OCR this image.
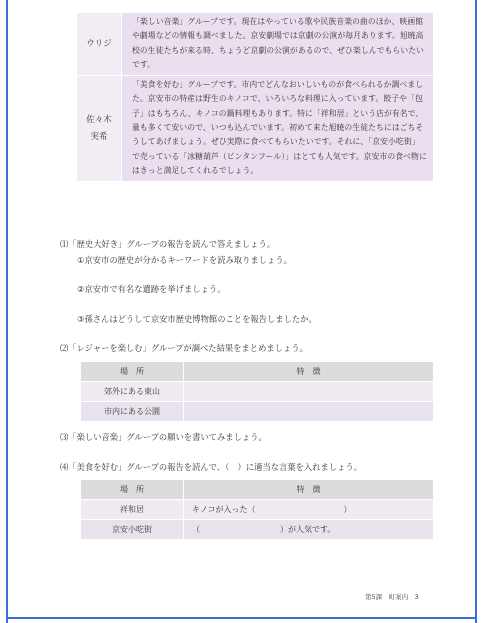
ウリジ	「楽しい音楽」グループです。現在はやっている歌や民族音楽の曲のほか、映画館や劇場などの情報も調べました。京安劇場では京劇の公演が毎月あります。旭暁高校の生徒たちが来る時、ちょうど京劇の公演があるので、ぜひ楽しんでもらいたいです。

佐々木
実希	「美食を好む」グループです。市内でどんなおいしいものが食べられるか調べました。京安市の特産は野生のキノコで、いろいろな料理に入っています。餃子や「包子」はもちろん、キノコの鍋料理もあります。特に「祥和居」という店が有名で、量も多くて安いので、いつも込んでいます。初めて来た旭暁の生徒たちにはごちそうしてあげましょう。ぜひ実際に食べてもらいたいです。それに、「京安小吃街」で売っている「冰糖葫芦（ビンタンフール）」はとても人気です。京安市の食べ物にはきっと満足してくれるでしょう。
⑴「歴史大好き」グループの報告を読んで答えましょう。
①京安市の歴史が分かるキーワードを読み取りましょう。
②京安市で有名な遺跡を挙げましょう。
③孫さんはどうして京安市歴史博物館のことを報告しましたか。
⑵「レジャーを楽しむ」グループが調べた結果をまとめましょう。
場　所	特　徴
郊外にある東山	
市内にある公園	
⑶「楽しい音楽」グループの願いを書いてみましょう。
⑷「美食を好む」グループの報告を読んで、（　）に適当な言葉を入れましょう。
場　所	特　徴
祥和居	キノコが入った（　　　　　　　　　　　）
京安小吃街	（　　　　　　　　　　）が人気です。
第5課　町案内　3
